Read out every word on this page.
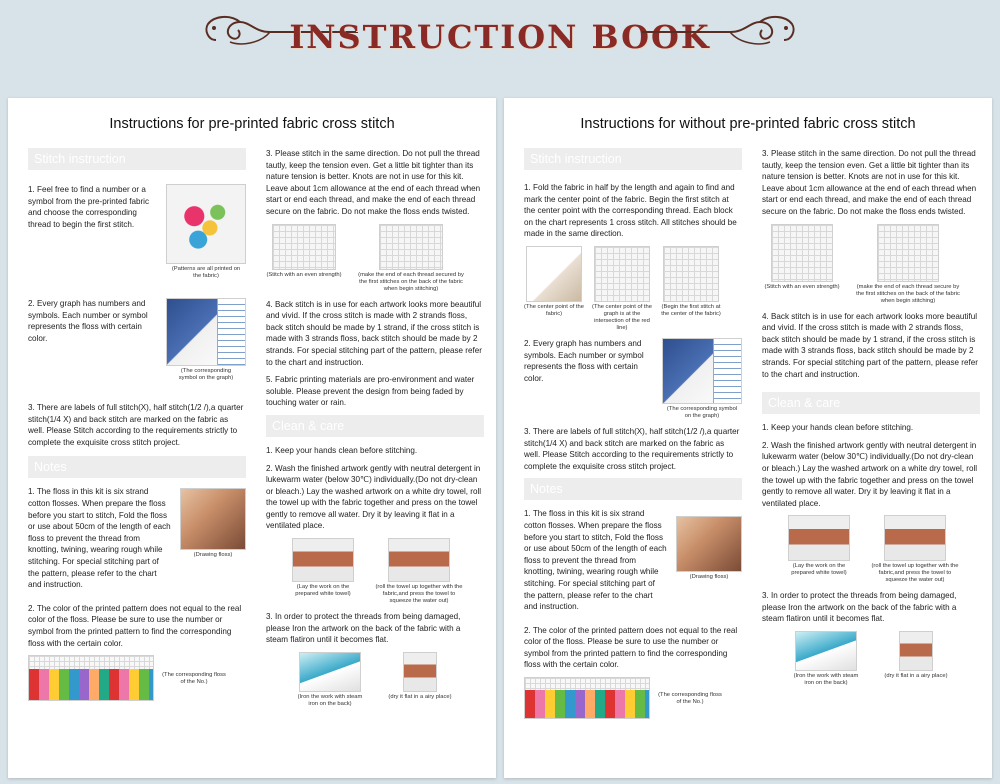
INSTRUCTION BOOK
Instructions for pre-printed fabric cross stitch
Stitch instruction

1. Feel free to find a number or a symbol from the pre-printed fabric and choose the corresponding thread to begin the first stitch.

(Patterns are all printed on the fabric)

2. Every graph has numbers and symbols. Each number or symbol represents the floss with certain color.

(The corresponding symbol on the graph)

3. There are labels of full stitch(X), half stitch(1/2 /),a quarter stitch(1/4 X) and back stitch are marked on the fabric as well. Please Stitch according to the requirements strictly to complete the exquisite cross stitch project.

Notes

1. The floss in this kit is six strand cotton flosses. When prepare the floss before you start to stitch, Fold the floss or use about 50cm of the length of each floss to prevent the thread from knotting, twining, wearing rough while stitching. For special stitching part of the pattern, please refer to the chart and instruction.

(Drawing floss)

2. The color of the printed pattern does not equal to the real color of the floss. Please be sure to use the number or symbol from the printed pattern to find the corresponding floss with the certain color.

(The corresponding floss of the No.)

3. Please stitch in the same direction. Do not pull the thread tautly, keep the tension even. Get a little bit tighter than its nature tension is better. Knots are not in use for this kit. Leave about 1cm allowance at the end of each thread when start or end each thread, and make the end of each thread secure on the fabric. Do not make the floss ends twisted.

(Stitch with an even strength)	(make the end of each thread secured by the first stitches on the back of the fabric when begin stitching)

4. Back stitch is in use for each artwork looks more beautiful and vivid. If the cross stitch is made with 2 strands floss, back stitch should be made by 1 strand, if the cross stitch is made with 3 strands floss, back stitch should be made by 2 strands. For special stitching part of the pattern, please refer to the chart and instruction.

5. Fabric printing materials are pro-environment and water soluble. Please prevent the design from being faded by touching water or rain.

Clean & care

1. Keep your hands clean before stitching.

2. Wash the finished artwork gently with neutral detergent in lukewarm water (below 30℃) individually.(Do not dry-clean or bleach.) Lay the washed artwork on a white dry towel, roll the towel up with the fabric together and press on the towel gently to remove all water. Dry it by leaving it flat in a ventilated place.

(Lay the work on the prepared white towel)
(roll the towel up together with the fabric,and press the towel to squeeze the water out)

3. In order to protect the threads from being damaged, please Iron the artwork on the back of the fabric with a steam flatiron until it becomes flat.

(Iron the work with steam iron on the back)
(dry it flat in a airy place)
Instructions for without pre-printed fabric cross stitch
Stitch instruction

1. Fold the fabric in half by the length and again to find and mark the center point of the fabric. Begin the first stitch at the center point with the corresponding thread. Each block on the chart represents 1 cross stitch. All stitches should be made in the same direction.

(The center point of the fabric)
(The center point of the graph is at the intersection of the red line)
(Begin the first stitch at the center of the fabric)

2. Every graph has numbers and symbols. Each number or symbol represents the floss with certain color.

(The corresponding symbol on the graph)

3. There are labels of full stitch(X), half stitch(1/2 /),a quarter stitch(1/4 X) and back stitch are marked on the fabric as well. Please Stitch according to the requirements strictly to complete the exquisite cross stitch project.

Notes

1. The floss in this kit is six strand cotton flosses. When prepare the floss before you start to stitch, Fold the floss or use about 50cm of the length of each floss to prevent the thread from knotting, twining, wearing rough while stitching. For special stitching part of the pattern, please refer to the chart and instruction.

(Drawing floss)

2. The color of the printed pattern does not equal to the real color of the floss. Please be sure to use the number or symbol from the printed pattern to find the corresponding floss with the certain color.

(The corresponding floss of the No.)

3. Please stitch in the same direction. Do not pull the thread tautly, keep the tension even. Get a little bit tighter than its nature tension is better. Knots are not in use for this kit. Leave about 1cm allowance at the end of each thread when start or end each thread, and make the end of each thread secure on the fabric. Do not make the floss ends twisted.

(Stitch with an even strength)	(make the end of each thread secure by the first stitches on the back of the fabric when begin stitching)

4. Back stitch is in use for each artwork looks more beautiful and vivid. If the cross stitch is made with 2 strands floss, back stitch should be made by 1 strand, if the cross stitch is made with 3 strands floss, back stitch should be made by 2 strands. For special stitching part of the pattern, please refer to the chart and instruction.

Clean & care

1. Keep your hands clean before stitching.

2. Wash the finished artwork gently with neutral detergent in lukewarm water (below 30℃) individually.(Do not dry-clean or bleach.) Lay the washed artwork on a white dry towel, roll the towel up with the fabric together and press on the towel gently to remove all water. Dry it by leaving it flat in a ventilated place.

(Lay the work on the prepared white towel)
(roll the towel up together with the fabric,and press the towel to squeeze the water out)

3. In order to protect the threads from being damaged, please Iron the artwork on the back of the fabric with a steam flatiron until it becomes flat.

(Iron the work with steam iron on the back)
(dry it flat in a airy place)
